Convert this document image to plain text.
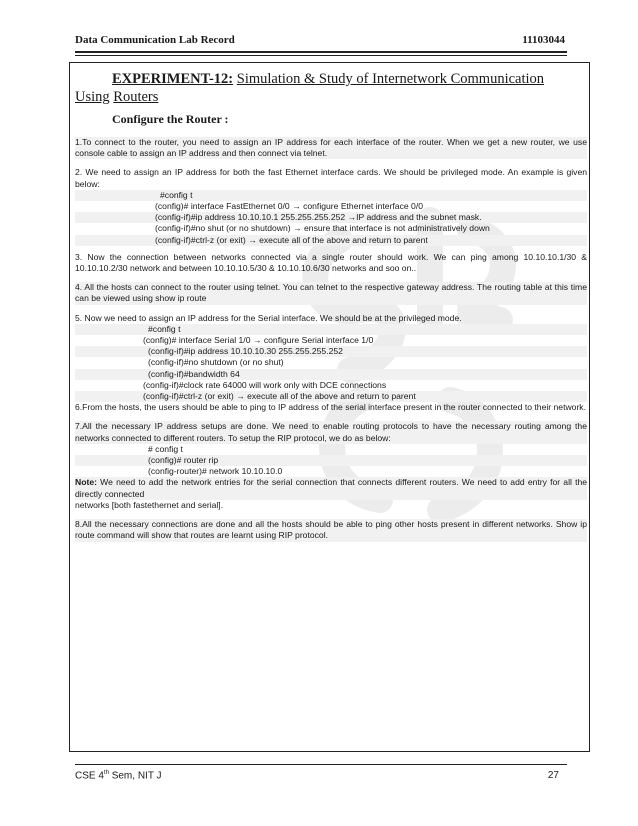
Data Communication Lab Record	11103044
EXPERIMENT-12: Simulation & Study of Internetwork Communication
Using Routers
Configure the Router :

1.To connect to the router, you need to assign an IP address for each interface of the router. When we get a new router, we use console cable to assign an IP address and then connect via telnet.

2. We need to assign an IP address for both the fast Ethernet interface cards. We should be privileged mode. An example is given below:

#config t
(config)# interface FastEthernet 0/0 → configure Ethernet interface 0/0
(config-if)#ip address 10.10.10.1 255.255.255.252 →IP address and the subnet mask.
(config-if)#no shut (or no shutdown) → ensure that interface is not administratively down
(config-if)#ctrl-z (or exit) → execute all of the above and return to parent

3. Now the connection between networks connected via a single router should work. We can ping among 10.10.10.1/30 & 10.10.10.2/30 network and between 10.10.10.5/30 & 10.10.10.6/30 networks and soo on..

4. All the hosts can connect to the router using telnet. You can telnet to the respective gateway address. The routing table at this time can be viewed using show ip route

5. Now we need to assign an IP address for the Serial interface. We should be at the privileged mode.

#config t
(config)# interface Serial 1/0 → configure Serial interface 1/0
(config-if)#ip address 10.10.10.30 255.255.255.252
(config-if)#no shutdown (or no shut)
(config-if)#bandwidth 64
(config-if)#clock rate 64000 will work only with DCE connections
(config-if)#ctrl-z (or exit) → execute all of the above and return to parent

6.From the hosts, the users should be able to ping to IP address of the serial interface present in the router connected to their network.

7.All the necessary IP address setups are done. We need to enable routing protocols to have the necessary routing among the networks connected to different routers. To setup the RIP protocol, we do as below:

# config t
(config)# router rip
(config-router)# network 10.10.10.0

Note: We need to add the network entries for the serial connection that connects different routers. We need to add entry for all the directly connected

networks [both fastethernet and serial].

8.All the necessary connections are done and all the hosts should be able to ping other hosts present in different networks. Show ip route command will show that routes are learnt using RIP protocol.

CSE 4th Sem, NIT J	27
